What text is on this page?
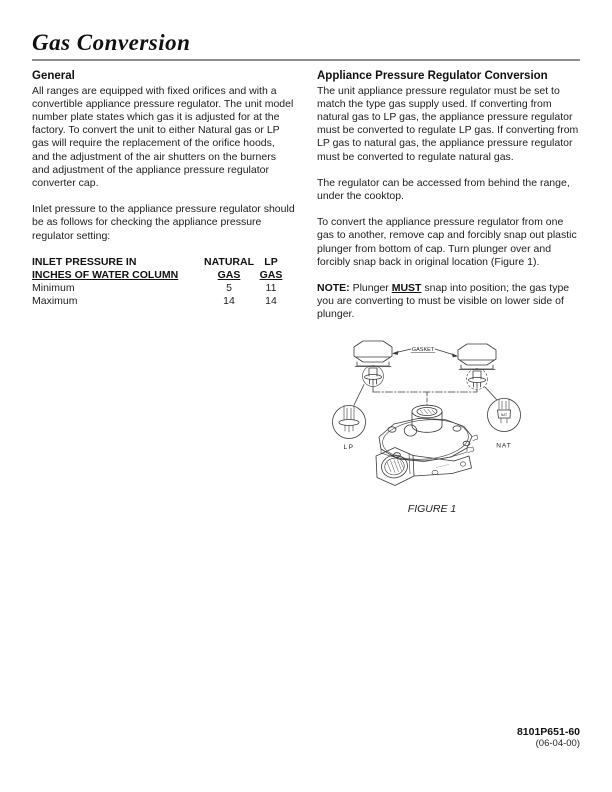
Gas Conversion
General

All ranges are equipped with fixed orifices and with a convertible appliance pressure regulator. The unit model number plate states which gas it is adjusted for at the factory. To convert the unit to either Natural gas or LP gas will require the replacement of the orifice hoods, and the adjustment of the air shutters on the burners and adjustment of the appliance pressure regulator converter cap.

Inlet pressure to the appliance pressure regulator should be as follows for checking the appliance pressure regulator setting:

INLET PRESSURE IN	NATURAL	LP
INCHES OF WATER COLUMN	GAS	GAS
Minimum	5	11
Maximum	14	14
Appliance Pressure Regulator Conversion

The unit appliance pressure regulator must be set to match the type gas supply used. If converting from natural gas to LP gas, the appliance pressure regulator must be converted to regulate LP gas. If converting from LP gas to natural gas, the appliance pressure regulator must be converted to regulate natural gas.

The regulator can be accessed from behind the range, under the cooktop.

To convert the appliance pressure regulator from one gas to another, remove cap and forcibly snap out plastic plunger from bottom of cap. Turn plunger over and forcibly snap back in original location (Figure 1).

NOTE: Plunger MUST snap into position; the gas type you are converting to must be visible on lower side of plunger.

GASKET
LP
NAT
NAT
FIGURE 1
8101P651-60
(06-04-00)
